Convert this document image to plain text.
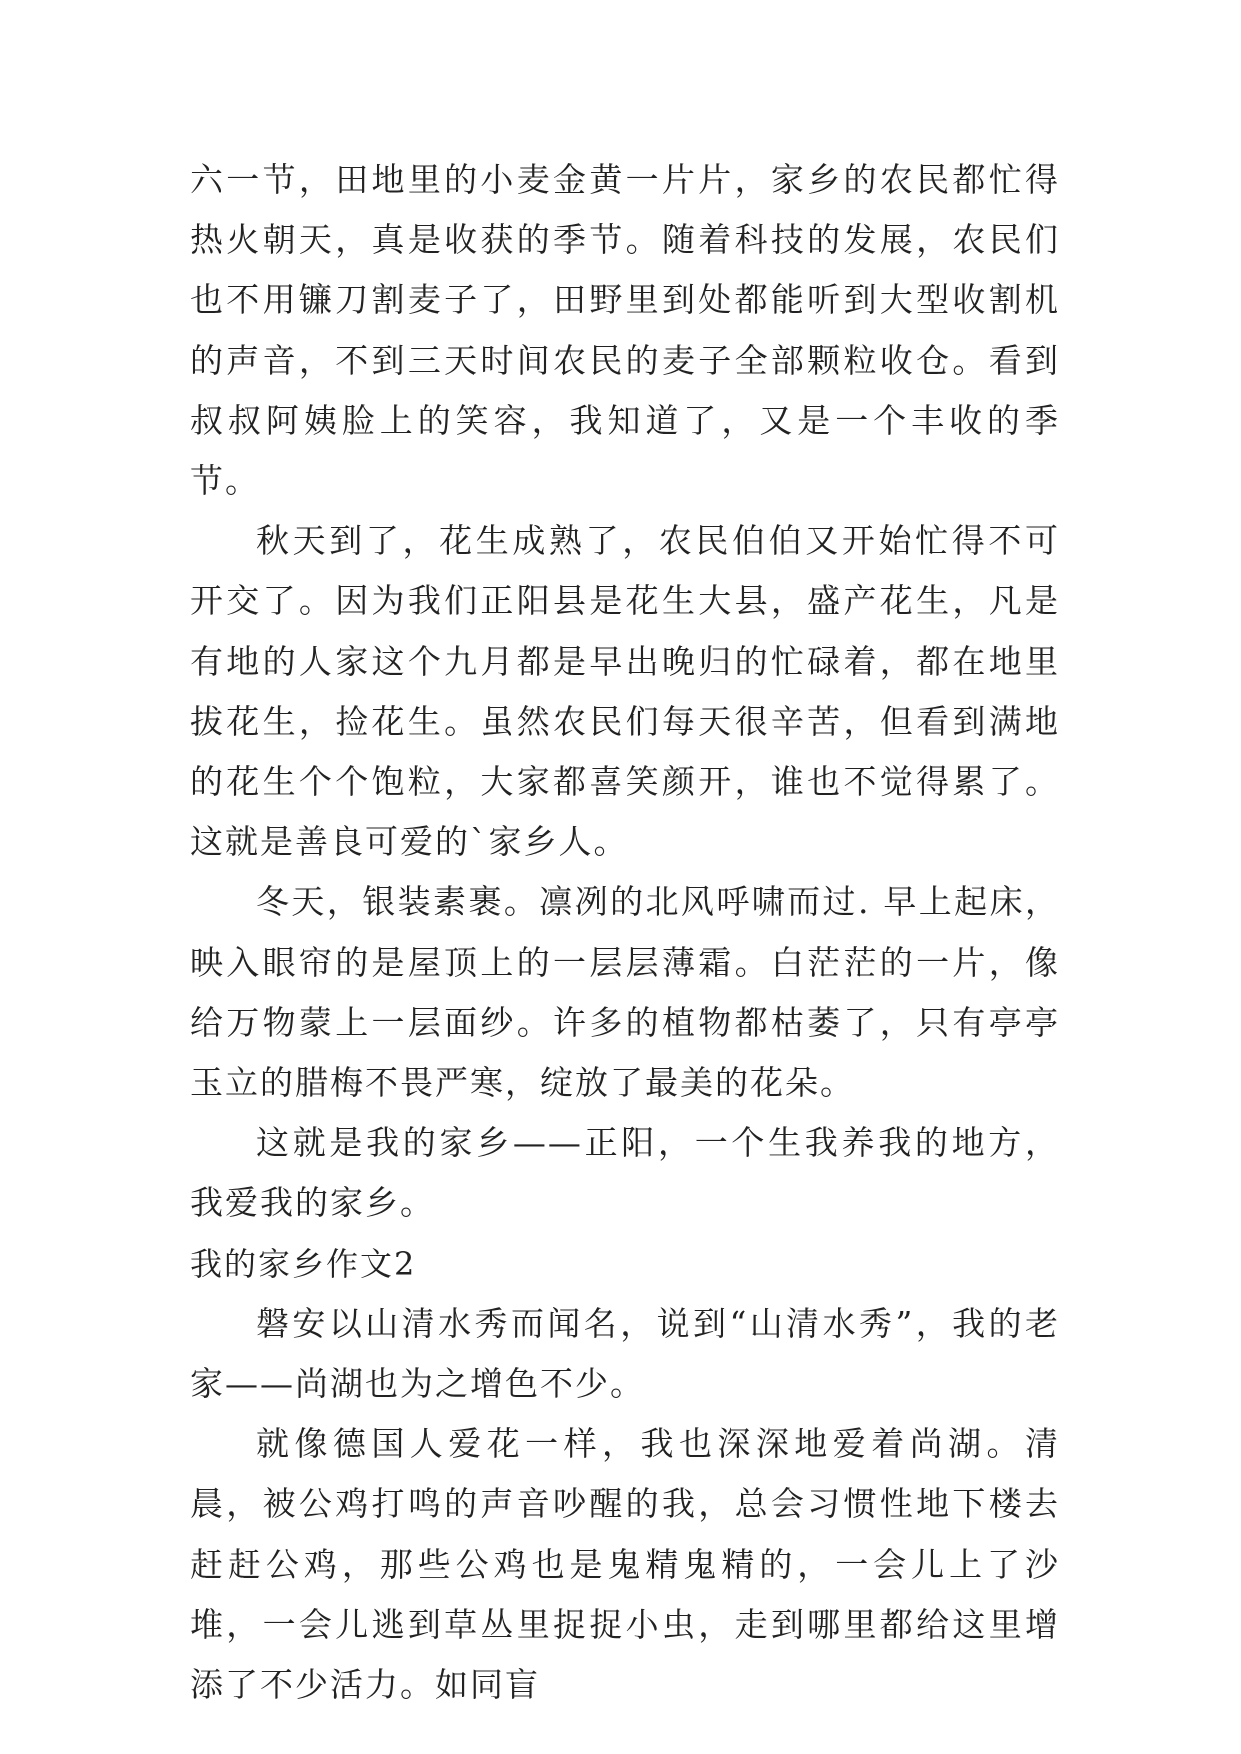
六一节，田地里的小麦金黄一片片，家乡的农民都忙得热火朝天，真是收获的季节。随着科技的发展，农民们也不用镰刀割麦子了，田野里到处都能听到大型收割机的声音，不到三天时间农民的麦子全部颗粒收仓。看到叔叔阿姨脸上的笑容，我知道了，又是一个丰收的季节。

秋天到了，花生成熟了，农民伯伯又开始忙得不可开交了。因为我们正阳县是花生大县，盛产花生，凡是有地的人家这个九月都是早出晚归的忙碌着，都在地里拔花生，捡花生。虽然农民们每天很辛苦，但看到满地的花生个个饱粒，大家都喜笑颜开，谁也不觉得累了。这就是善良可爱的`家乡人。

冬天，银装素裹。凛冽的北风呼啸而过. 早上起床，映入眼帘的是屋顶上的一层层薄霜。白茫茫的一片，像给万物蒙上一层面纱。许多的植物都枯萎了，只有亭亭玉立的腊梅不畏严寒，绽放了最美的花朵。

这就是我的家乡——正阳，一个生我养我的地方，我爱我的家乡。

我的家乡作文2

磐安以山清水秀而闻名，说到“山清水秀”，我的老家——尚湖也为之增色不少。

就像德国人爱花一样，我也深深地爱着尚湖。清晨，被公鸡打鸣的声音吵醒的我，总会习惯性地下楼去赶赶公鸡，那些公鸡也是鬼精鬼精的，一会儿上了沙堆，一会儿逃到草丛里捉捉小虫，走到哪里都给这里增添了不少活力。如同盲
